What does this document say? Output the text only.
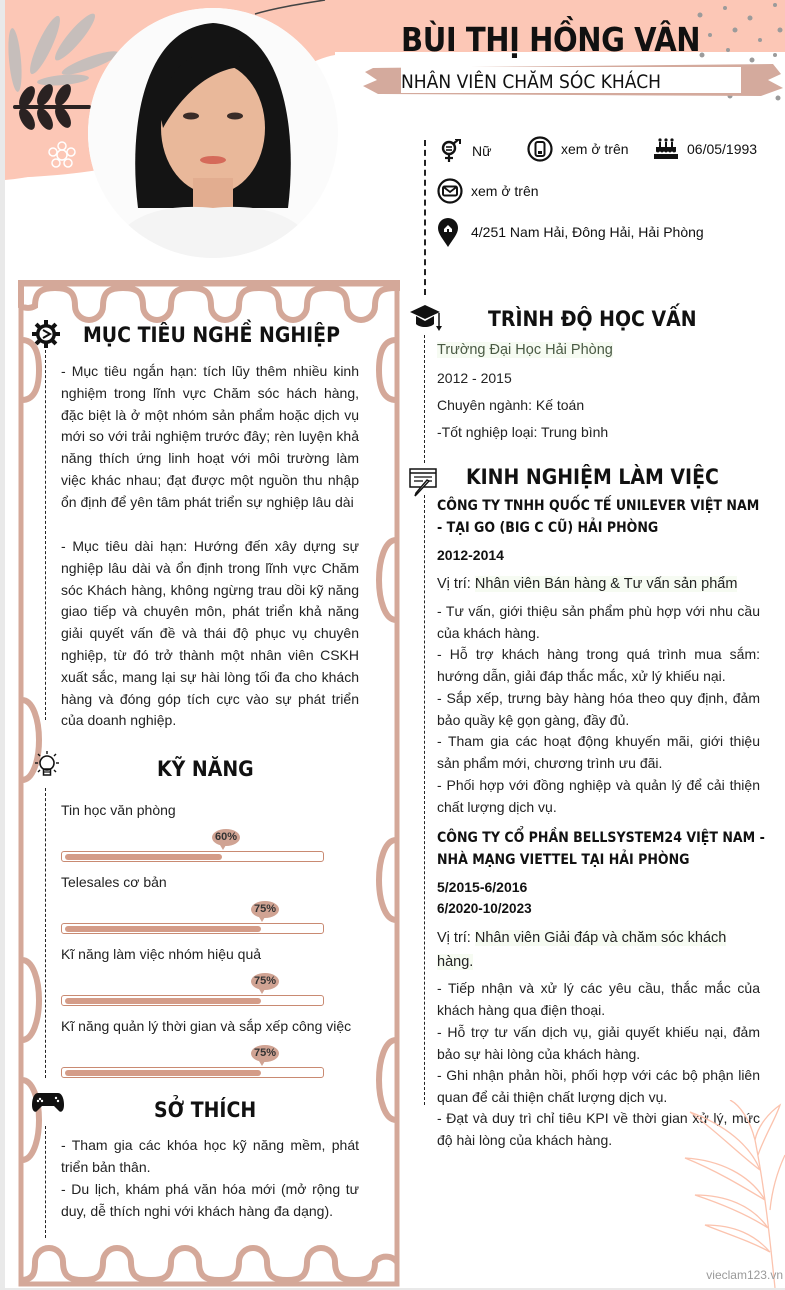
BÙI THỊ HỒNG VÂN
NHÂN VIÊN CHĂM SÓC KHÁCH
Nữ	xem ở trên	06/05/1993
xem ở trên
4/251 Nam Hải, Đông Hải, Hải Phòng
MỤC TIÊU NGHỀ NGHIỆP
- Mục tiêu ngắn hạn: tích lũy thêm nhiều kinh nghiệm trong lĩnh vực Chăm sóc hách hàng, đặc biệt là ở một nhóm sản phẩm hoặc dịch vụ mới so với trải nghiệm trước đây; rèn luyện khả năng thích ứng linh hoạt với môi trường làm việc khác nhau; đạt được một nguồn thu nhập ổn định để yên tâm phát triển sự nghiệp lâu dài
- Mục tiêu dài hạn: Hướng đến xây dựng sự nghiệp lâu dài và ổn định trong lĩnh vực Chăm sóc Khách hàng, không ngừng trau dồi kỹ năng giao tiếp và chuyên môn, phát triển khả năng giải quyết vấn đề và thái độ phục vụ chuyên nghiệp, từ đó trở thành một nhân viên CSKH xuất sắc, mang lại sự hài lòng tối đa cho khách hàng và đóng góp tích cực vào sự phát triển của doanh nghiệp.
KỸ NĂNG
Tin học văn phòng
60%
Telesales cơ bản
75%
Kĩ năng làm việc nhóm hiệu quả
75%
Kĩ năng quản lý thời gian và sắp xếp công việc
75%
SỞ THÍCH
- Tham gia các khóa học kỹ năng mềm, phát triển bản thân.
- Du lịch, khám phá văn hóa mới (mở rộng tư duy, dễ thích nghi với khách hàng đa dạng).
TRÌNH ĐỘ HỌC VẤN
Trường Đại Học Hải Phòng
2012 - 2015
Chuyên ngành: Kế toán
-Tốt nghiệp loại: Trung bình
KINH NGHIỆM LÀM VIỆC
CÔNG TY TNHH QUỐC TẾ UNILEVER VIỆT NAM - TẠI GO (BIG C CŨ) HẢI PHÒNG
2012-2014
Vị trí: Nhân viên Bán hàng & Tư vấn sản phẩm
- Tư vấn, giới thiệu sản phẩm phù hợp với nhu cầu của khách hàng.
- Hỗ trợ khách hàng trong quá trình mua sắm: hướng dẫn, giải đáp thắc mắc, xử lý khiếu nại.
- Sắp xếp, trưng bày hàng hóa theo quy định, đảm bảo quầy kệ gọn gàng, đầy đủ.
- Tham gia các hoạt động khuyến mãi, giới thiệu sản phẩm mới, chương trình ưu đãi.
- Phối hợp với đồng nghiệp và quản lý để cải thiện chất lượng dịch vụ.
CÔNG TY CỔ PHẦN BELLSYSTEM24 VIỆT NAM - NHÀ MẠNG VIETTEL TẠI HẢI PHÒNG
5/2015-6/2016
6/2020-10/2023
Vị trí: Nhân viên Giải đáp và chăm sóc khách hàng.
- Tiếp nhận và xử lý các yêu cầu, thắc mắc của khách hàng qua điện thoại.
- Hỗ trợ tư vấn dịch vụ, giải quyết khiếu nại, đảm bảo sự hài lòng của khách hàng.
- Ghi nhận phản hồi, phối hợp với các bộ phận liên quan để cải thiện chất lượng dịch vụ.
- Đạt và duy trì chỉ tiêu KPI về thời gian xử lý, mức độ hài lòng của khách hàng.
vieclam123.vn
